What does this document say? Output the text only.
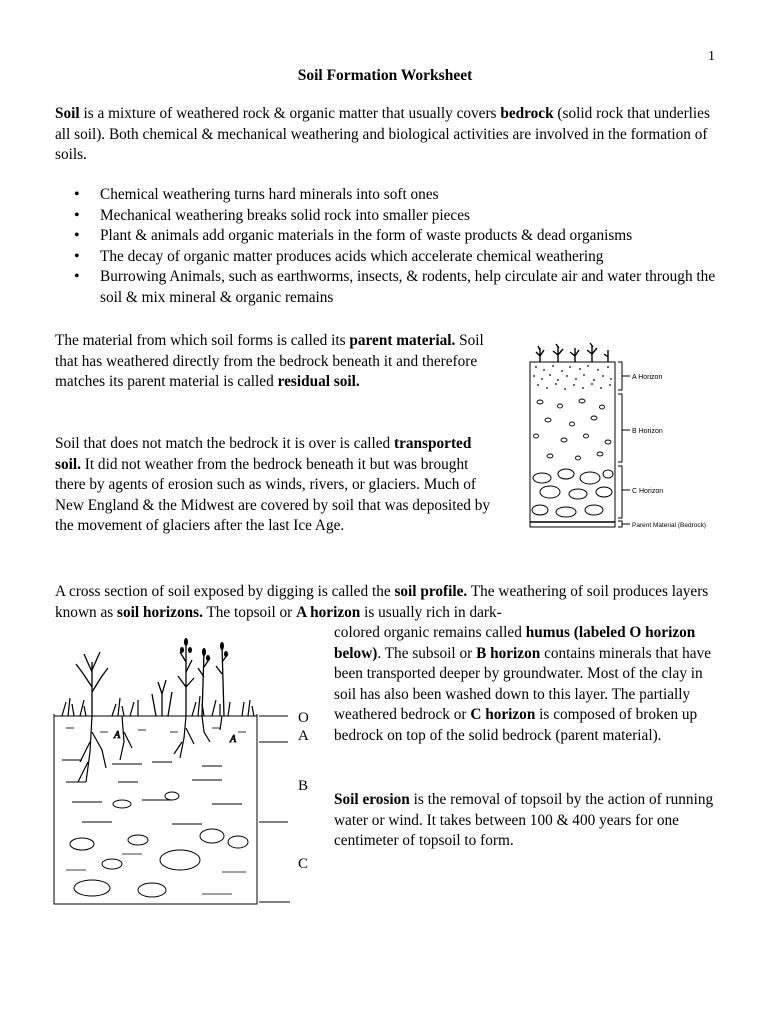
1
Soil Formation Worksheet

Soil is a mixture of weathered rock & organic matter that usually covers bedrock (solid rock that underlies all soil). Both chemical & mechanical weathering and biological activities are involved in the formation of soils.

• Chemical weathering turns hard minerals into soft ones
• Mechanical weathering breaks solid rock into smaller pieces
• Plant & animals add organic materials in the form of waste products & dead organisms
• The decay of organic matter produces acids which accelerate chemical weathering
• Burrowing Animals, such as earthworms, insects, & rodents, help circulate air and water through the soil & mix mineral & organic remains

The material from which soil forms is called its parent material. Soil that has weathered directly from the bedrock beneath it and therefore matches its parent material is called residual soil.

Soil that does not match the bedrock it is over is called transported soil. It did not weather from the bedrock beneath it but was brought there by agents of erosion such as winds, rivers, or glaciers. Much of New England & the Midwest are covered by soil that was deposited by the movement of glaciers after the last Ice Age.

A Horizon
B Horizon
C Horizon
Parent Material (Bedrock)
A cross section of soil exposed by digging is called the soil profile. The weathering of soil produces layers known as soil horizons. The topsoil or A horizon is usually rich in dark-
colored organic remains called humus (labeled O horizon below). The subsoil or B horizon contains minerals that have been transported deeper by groundwater. Most of the clay in soil has also been washed down to this layer. The partially weathered bedrock or C horizon is composed of broken up bedrock on top of the solid bedrock (parent material).
Soil erosion is the removal of topsoil by the action of running water or wind. It takes between 100 & 400 years for one centimeter of topsoil to form.
A	A
O
A
B
C
